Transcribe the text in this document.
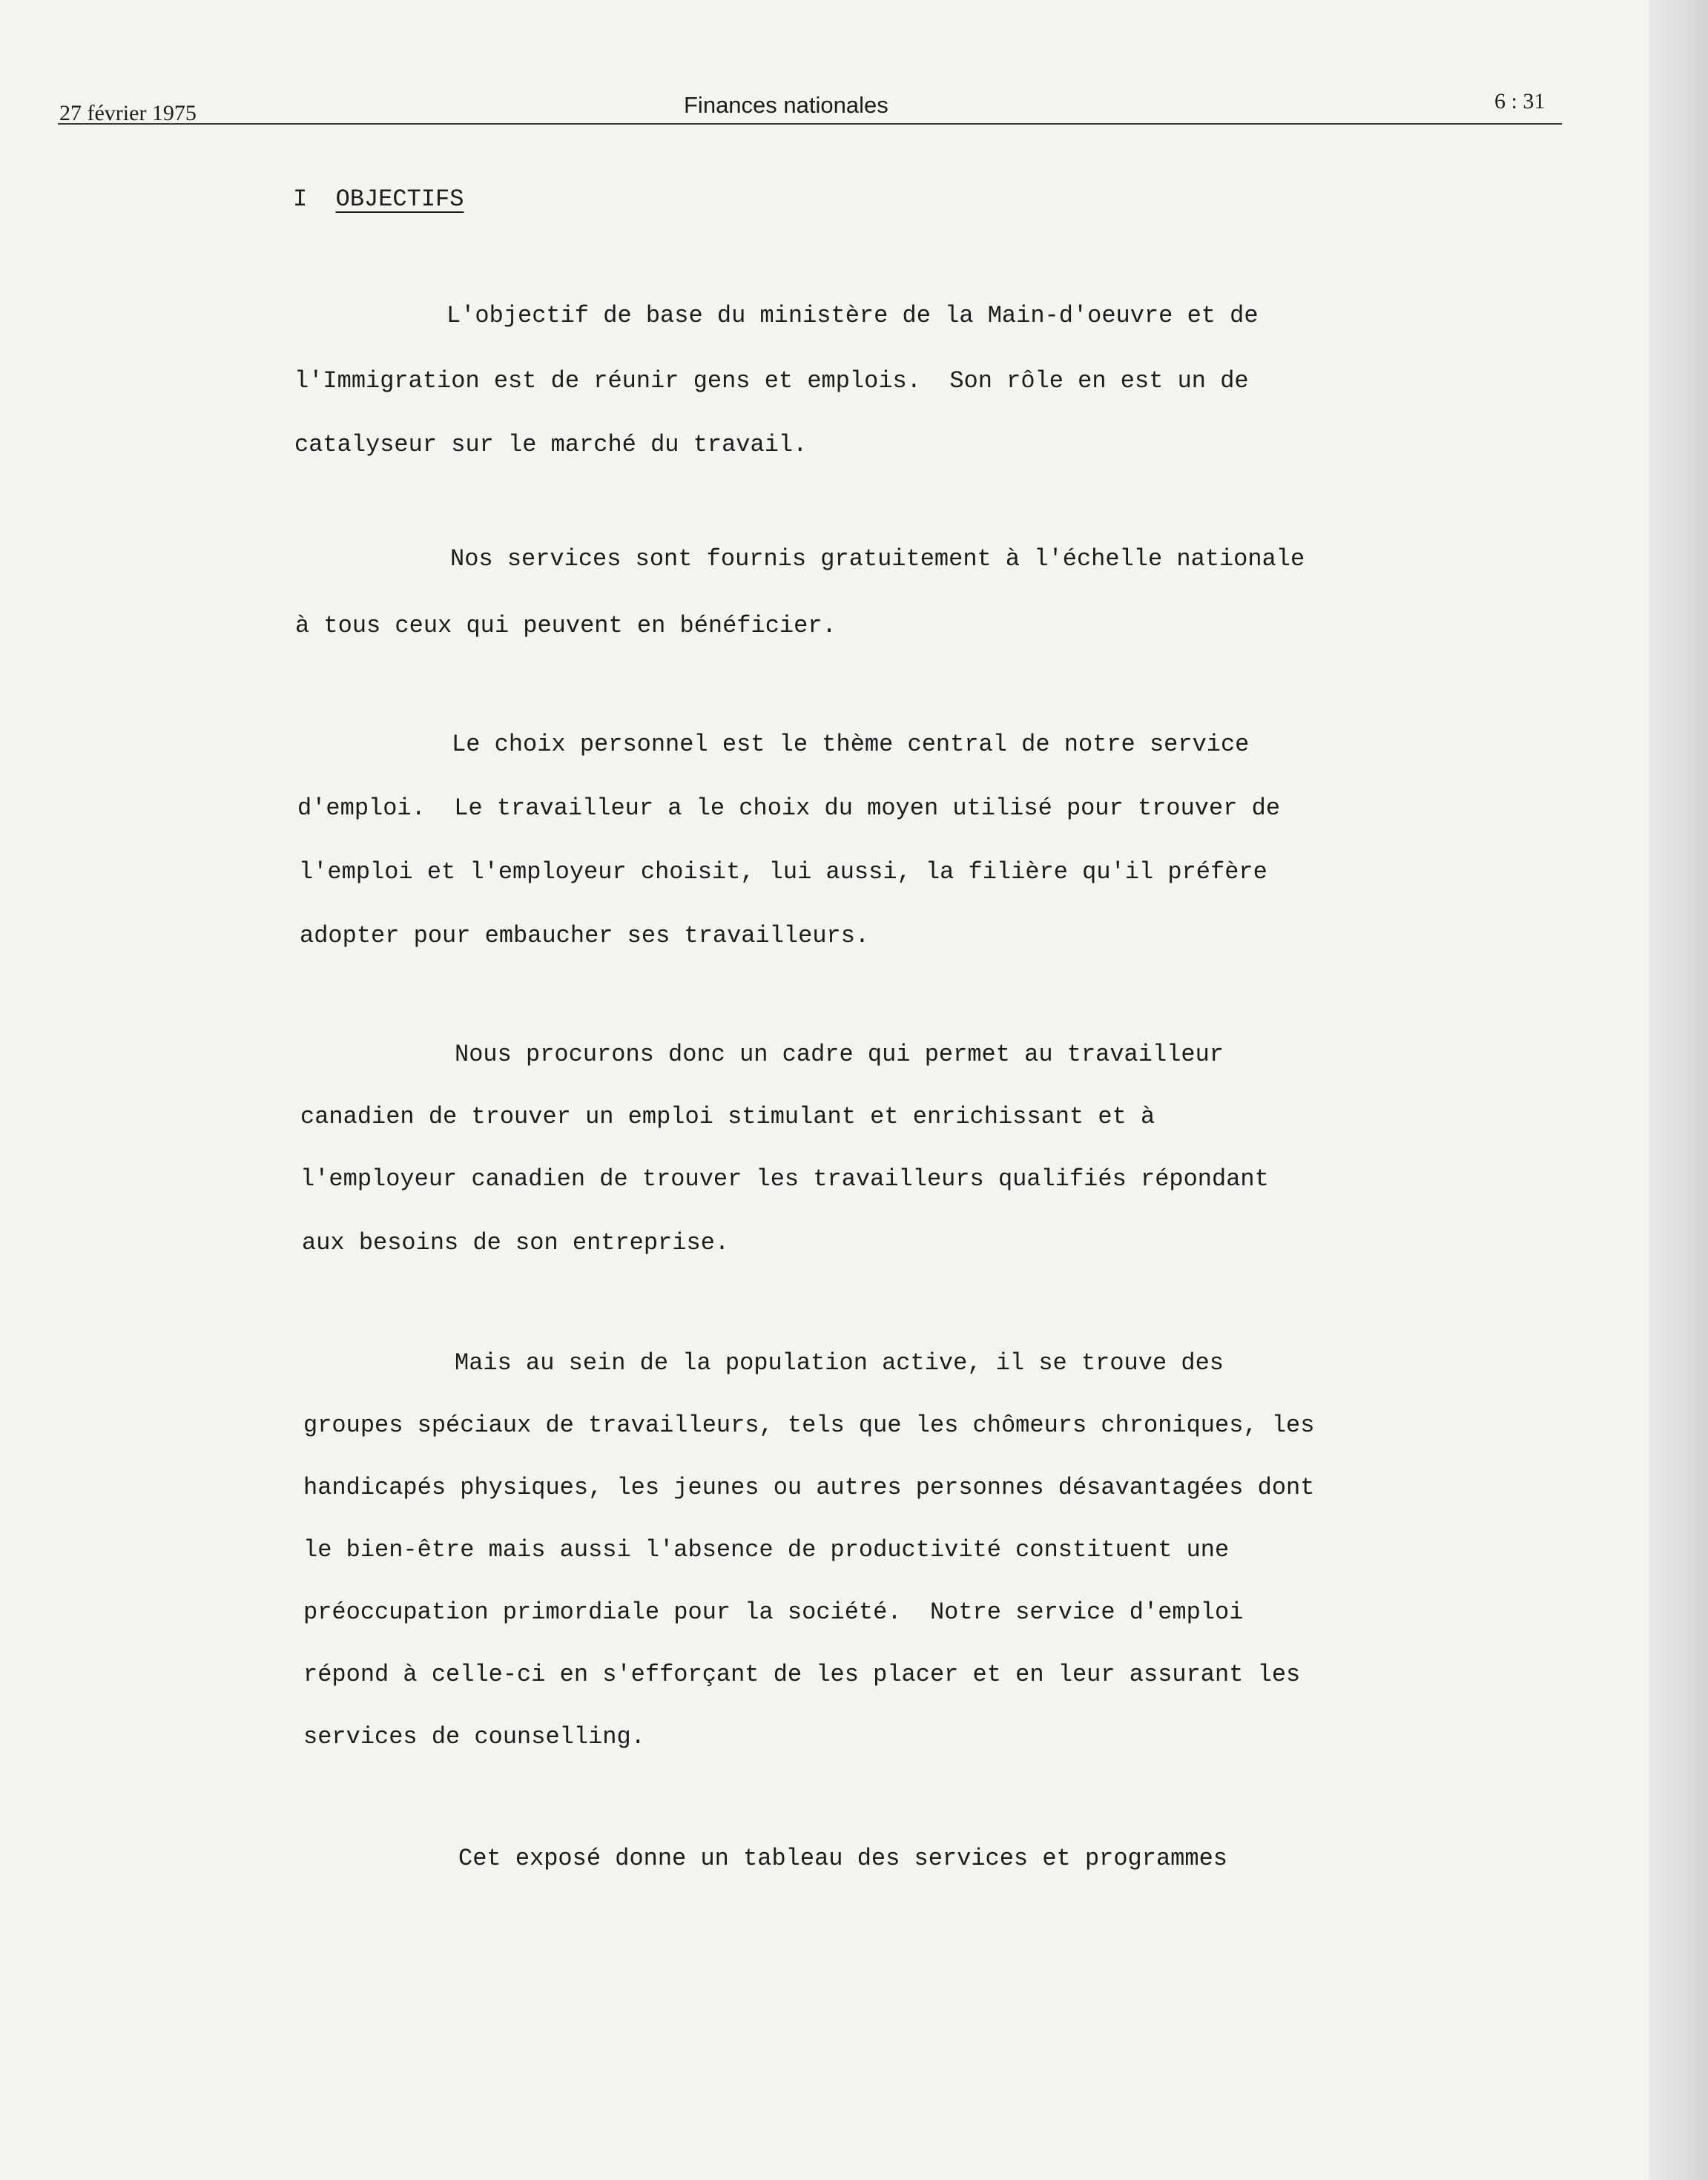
27 février 1975	Finances nationales	6 : 31
I OBJECTIFS
L'objectif de base du ministère de la Main-d'oeuvre et de
l'Immigration est de réunir gens et emplois.  Son rôle en est un de
catalyseur sur le marché du travail.
Nos services sont fournis gratuitement à l'échelle nationale
à tous ceux qui peuvent en bénéficier.
Le choix personnel est le thème central de notre service
d'emploi.  Le travailleur a le choix du moyen utilisé pour trouver de
l'emploi et l'employeur choisit, lui aussi, la filière qu'il préfère
adopter pour embaucher ses travailleurs.
Nous procurons donc un cadre qui permet au travailleur
canadien de trouver un emploi stimulant et enrichissant et à
l'employeur canadien de trouver les travailleurs qualifiés répondant
aux besoins de son entreprise.
Mais au sein de la population active, il se trouve des
groupes spéciaux de travailleurs, tels que les chômeurs chroniques, les
handicapés physiques, les jeunes ou autres personnes désavantagées dont
le bien-être mais aussi l'absence de productivité constituent une
préoccupation primordiale pour la société.  Notre service d'emploi
répond à celle-ci en s'efforçant de les placer et en leur assurant les
services de counselling.
Cet exposé donne un tableau des services et programmes
